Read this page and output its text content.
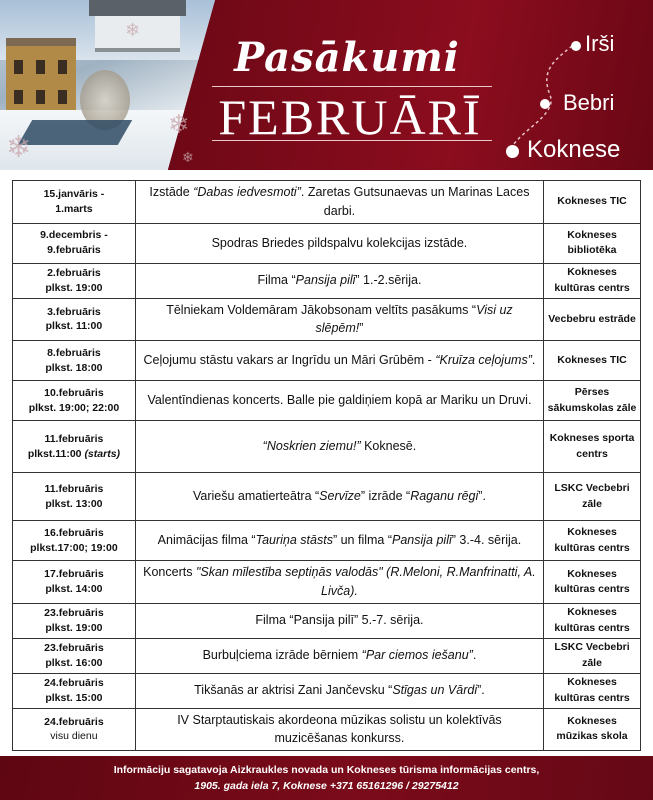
❄
❄
❄
❄
Pasākumi
FEBRUĀRĪ
Irši
Bebri
Koknese
15.janvāris -
1.marts	Izstāde “Dabas iedvesmoti”. Zaretas Gutsunaevas un Marinas Laces darbi.	Kokneses TIC

9.decembris -
9.februāris	Spodras Briedes pildspalvu kolekcijas izstāde.	Kokneses bibliotēka

2.februāris
plkst. 19:00	Filma “Pansija pilī” 1.-2.sērija.	Kokneses kultūras centrs

3.februāris
plkst. 11:00	Tēlniekam Voldemāram Jākobsonam veltīts pasākums “Visi uz slēpēm!”	Vecbebru estrāde

8.februāris
plkst. 18:00	Ceļojumu stāstu vakars ar Ingrīdu un Māri Grūbēm - “Kruīza ceļojums”.	Kokneses TIC

10.februāris
plkst. 19:00; 22:00	Valentīndienas koncerts. Balle pie galdiņiem kopā ar Mariku un Druvi.	Pērses sākumskolas zāle

11.februāris
plkst.11:00 (starts)	“Noskrien ziemu!” Koknesē.	Kokneses sporta centrs

11.februāris
plkst. 13:00	Variešu amatierteātra “Servīze” izrāde “Raganu rēgi”.	LSKC Vecbebri zāle

16.februāris
plkst.17:00; 19:00	Animācijas filma “Tauriņa stāsts” un filma “Pansija pilī” 3.-4. sērija.	Kokneses kultūras centrs

17.februāris
plkst. 14:00	Koncerts "Skan mīlestība septiņās valodās" (R.Meloni, R.Manfrinatti, A. Livča).	Kokneses kultūras centrs

23.februāris
plkst. 19:00	Filma “Pansija pilī” 5.-7. sērija.	Kokneses kultūras centrs

23.februāris
plkst. 16:00	Burbuļciema izrāde bērniem “Par ciemos iešanu”.	LSKC Vecbebri zāle

24.februāris
plkst. 15:00	Tikšanās ar aktrisi Zani Jančevsku “Stīgas un Vārdi”.	Kokneses kultūras centrs

24.februāris
visu dienu	IV Starptautiskais akordeona mūzikas solistu un kolektīvās muzicēšanas konkurss.	Kokneses mūzikas skola
Informāciju sagatavoja Aizkraukles novada un Kokneses tūrisma informācijas centrs,
1905. gada iela 7, Koknese +371 65161296 / 29275412
